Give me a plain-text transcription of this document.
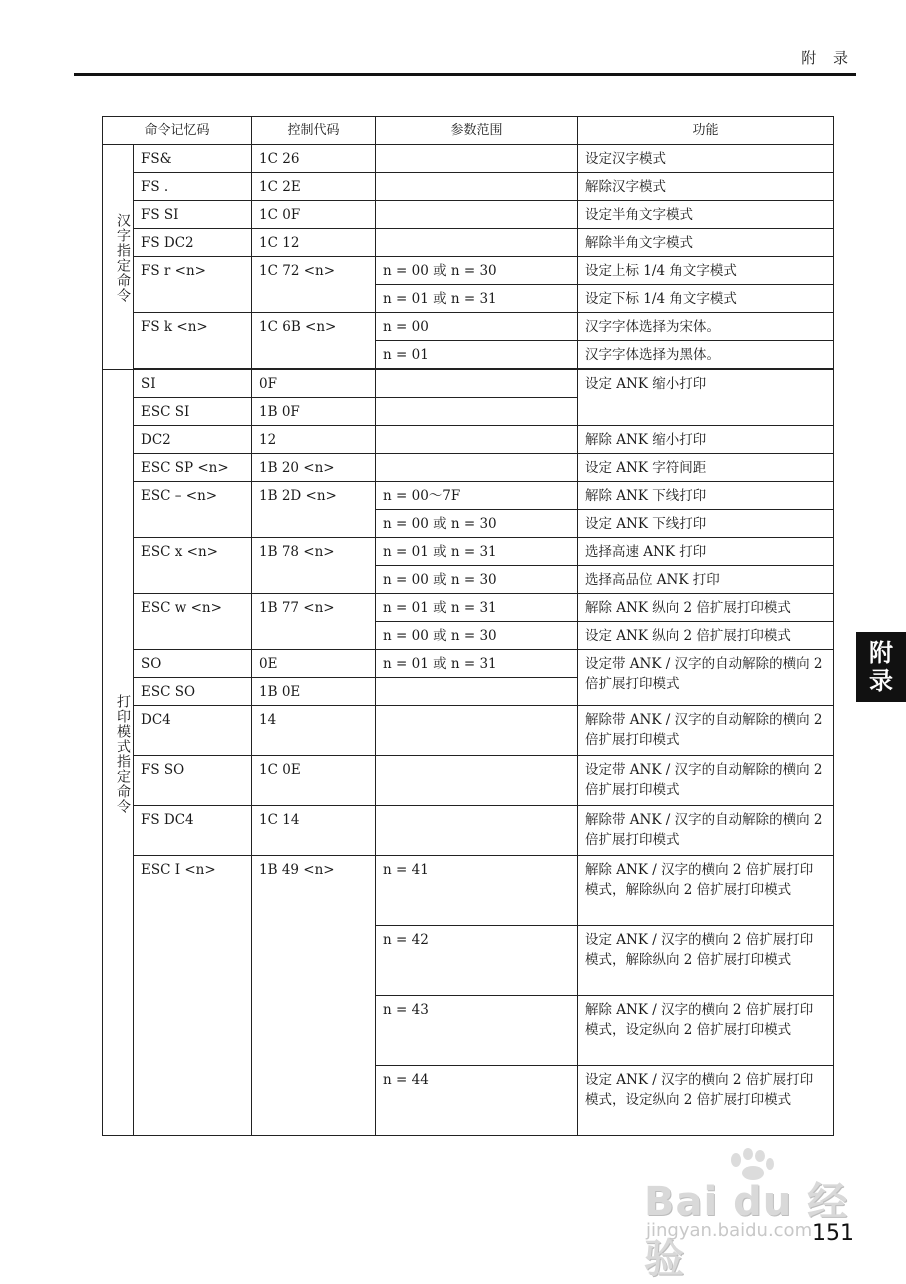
附 录
附
录
命令记忆码		控制代码	参数范围	功能
汉字指定命令	FS&	1C 26		设定汉字模式
	FS .	1C 2E		解除汉字模式
	FS SI	1C 0F		设定半角文字模式
	FS DC2	1C 12		解除半角文字模式
	FS r <n>	1C 72 <n>	n = 00 或 n = 30	设定上标 1/4 角文字模式
			n = 01 或 n = 31	设定下标 1/4 角文字模式
	FS k <n>	1C 6B <n>	n = 00	汉字字体选择为宋体。
			n = 01	汉字字体选择为黑体。

打印模式指定命令	SI	0F		设定 ANK 缩小打印
	ESC SI	1B 0F		
	DC2	12		解除 ANK 缩小打印
	ESC SP <n>	1B 20 <n>		设定 ANK 字符间距
	ESC – <n>	1B 2D <n>	n = 00～7F	解除 ANK 下线打印
			n = 00 或 n = 30	设定 ANK 下线打印
	ESC x <n>	1B 78 <n>	n = 01 或 n = 31	选择高速 ANK 打印
			n = 00 或 n = 30	选择高品位 ANK 打印
	ESC w <n>	1B 77 <n>	n = 01 或 n = 31	解除 ANK 纵向 2 倍扩展打印模式
			n = 00 或 n = 30	设定 ANK 纵向 2 倍扩展打印模式
	SO	0E	n = 01 或 n = 31	设定带 ANK / 汉字的自动解除的横向 2 倍扩展打印模式
	ESC SO	1B 0E		
	DC4	14		解除带 ANK / 汉字的自动解除的横向 2 倍扩展打印模式
	FS SO	1C 0E		设定带 ANK / 汉字的自动解除的横向 2 倍扩展打印模式
	FS DC4	1C 14		解除带 ANK / 汉字的自动解除的横向 2 倍扩展打印模式
	ESC I <n>	1B 49 <n>	n = 41	解除 ANK / 汉字的横向 2 倍扩展打印模式，解除纵向 2 倍扩展打印模式
			n = 42	设定 ANK / 汉字的横向 2 倍扩展打印模式，解除纵向 2 倍扩展打印模式
			n = 43	解除 ANK / 汉字的横向 2 倍扩展打印模式，设定纵向 2 倍扩展打印模式
			n = 44	设定 ANK / 汉字的横向 2 倍扩展打印模式，设定纵向 2 倍扩展打印模式
Bai du 经验
jingyan.baidu.com 151
